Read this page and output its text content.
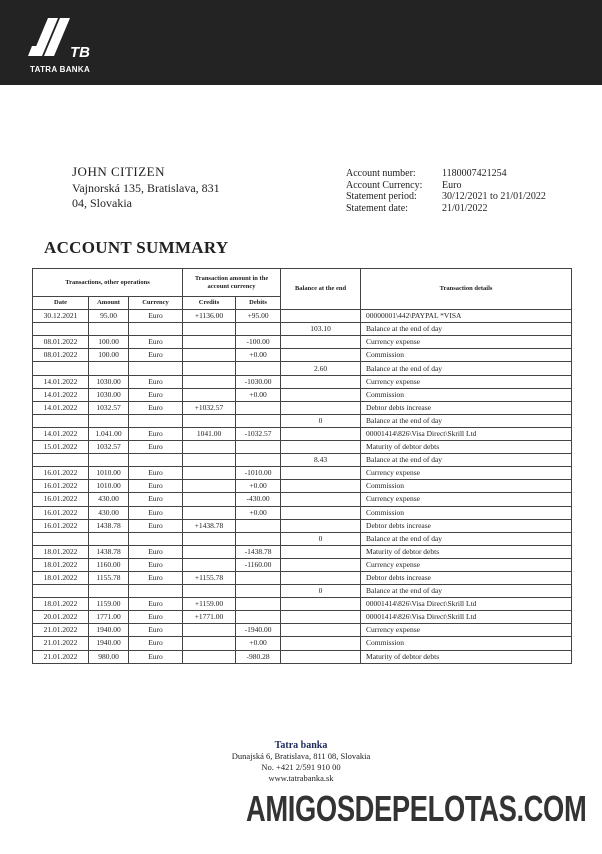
TB
TATRA BANKA
JOHN CITIZEN
Vajnorská 135, Bratislava, 831
04, Slovakia
Account number:	1180007421254
Account Currency:	Euro
Statement period:	30/12/2021 to 21/01/2022
Statement date:	21/01/2022
ACCOUNT SUMMARY
Transactions, other operations			Transaction amount in the account currency		Balance at the end	Transaction details
Date	Amount	Currency	Credits	Debits		
30.12.2021	95.00	Euro	+1136.00	+95.00		00000001\442\PAYPAL *VISA
					103.10	Balance at the end of day
08.01.2022	100.00	Euro		-100.00		Currency expense
08.01.2022	100.00	Euro		+0.00		Commission
					2.60	Balance at the end of day
14.01.2022	1030.00	Euro		-1030.00		Currency expense
14.01.2022	1030.00	Euro		+0.00		Commission
14.01.2022	1032.57	Euro	+1032.57			Debtor debts increase
					0	Balance at the end of day
14.01.2022	1.041.00	Euro	1041.00	-1032.57		00001414\826\Visa Direct\Skrill Ltd
15.01.2022	1032.57	Euro				Maturity of debtor debts
					8.43	Balance at the end of day
16.01.2022	1010.00	Euro		-1010.00		Currency expense
16.01.2022	1010.00	Euro		+0.00		Commission
16.01.2022	430.00	Euro		-430.00		Currency expense
16.01.2022	430.00	Euro		+0.00		Commission
16.01.2022	1438.78	Euro	+1438.78			Debtor debts increase
					0	Balance at the end of day
18.01.2022	1438.78	Euro		-1438.78		Maturity of debtor debts
18.01.2022	1160.00	Euro		-1160.00		Currency expense
18.01.2022	1155.78	Euro	+1155.78			Debtor debts increase
					0	Balance at the end of day
18.01.2022	1159.00	Euro	+1159.00			00001414\826\Visa Direct\Skrill Ltd
20.01.2022	1771.00	Euro	+1771.00			00001414\826\Visa Direct\Skrill Ltd
21.01.2022	1940.00	Euro		-1940.00		Currency expense
21.01.2022	1940.00	Euro		+0.00		Commission
21.01.2022	980.00	Euro		-980.28		Maturity of debtor debts
Tatra banka
Dunajská 6, Bratislava, 811 08, Slovakia
No. +421 2/591 910 00
www.tatrabanka.sk
AMIGOSDEPELOTAS.COM
